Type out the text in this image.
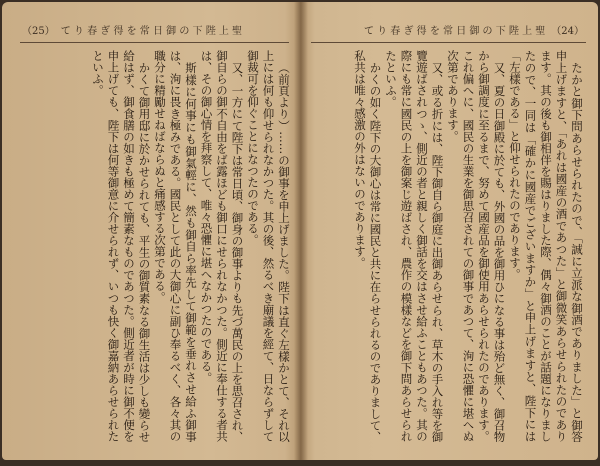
（25） て り 春 ぎ 得 を 常 日 御 の 下 陛 上 聖

（前頁より）……の御事を申上げました。陛下は直ぐ左樣かとて、それ以上には何も仰せられなかつた。其の後、然るべき廟議を經て、日ならずして御裁可を仰ぐことになつたのである。

又、一方にて陛下は常日頃、御身の御事よりも先づ萬民の上を思召され、御自らの御不自由をば露ほども御口にせられなかつた。側近に奉仕する者共は、その御心情を拜察して、唯々恐懼に堪へなかつたのである。

斯樣に何事にも御氣輕に、然も御自ら率先して御範を垂れさせ給ふ御事は、洵に畏き極みである。國民として此の大御心に副ひ奉るべく、各々其の職分に精勵せねばならぬと痛感する次第である。

かくて御用邸に於かせられても、平生の御質素なる御生活は少しも變らせ給はず、御食膳の如きも極めて簡素なものであつた。側近者が時に御不便を申上げても、陛下は何等御意に介せられず、いつも快く御嘉納あらせられたといふ。

て り 春 ぎ 得 を 常 日 御 の 下 陛 上 聖 （24）

たかと御下問あらせられたので、「誠に立派な御酒でありました」と御答申上げますと、「あれは國産の酒であつた」と御微笑あらせられたのであります。其の後も御相伴を賜はりました際、偶々御酒のことが話題になりましたので、一同は「確かに國産でございますか」と申上げますと、陛下には「左樣である」と仰せられたのであります。

又、夏の日御殿に於ても、外國の品を御用ひになる事は殆ど無く、御召物から御調度に至るまで、努めて國産品を御使用あらせられたのであります。これ偏へに、國民の生業を御思召されての御事であつて、洵に恐懼に堪へぬ次第であります。

又、或る折には、陛下御自ら御庭に出御あらせられ、草木の手入れ等を御覽遊ばされつゝ、側近の者と親しく御話を交はさせ給ふこともあつた。其の際にも常に國民の上を御案じ遊ばされ、農作の模樣などを御下問あらせられたといふ。

かくの如く陛下の大御心は常に國民と共に在らせられるのでありまして、私共は唯々感激の外はないのであります。
